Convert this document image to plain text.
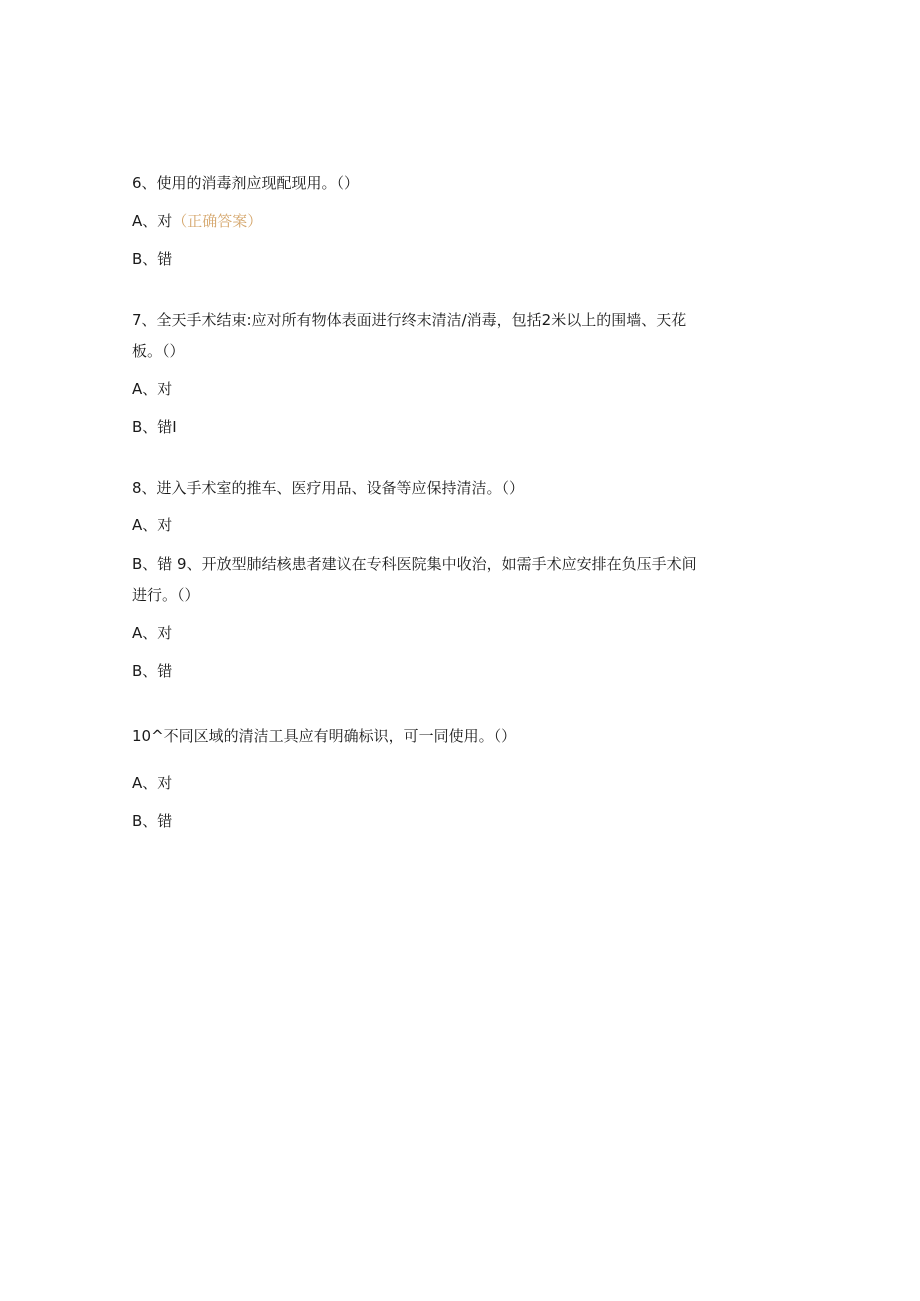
6、使用的消毒剂应现配现用。（）
A、对（正确答案）
B、错
7、全天手术结束:应对所有物体表面进行终末清洁/消毒，包括2米以上的围墙、天花
板。（）
A、对
B、错I
8、进入手术室的推车、医疗用品、设备等应保持清洁。（）
A、对
B、错 9、开放型肺结核患者建议在专科医院集中收治，如需手术应安排在负压手术间
进行。（）
A、对
B、错
10^不同区域的清洁工具应有明确标识，可一同使用。（）
A、对
B、错
